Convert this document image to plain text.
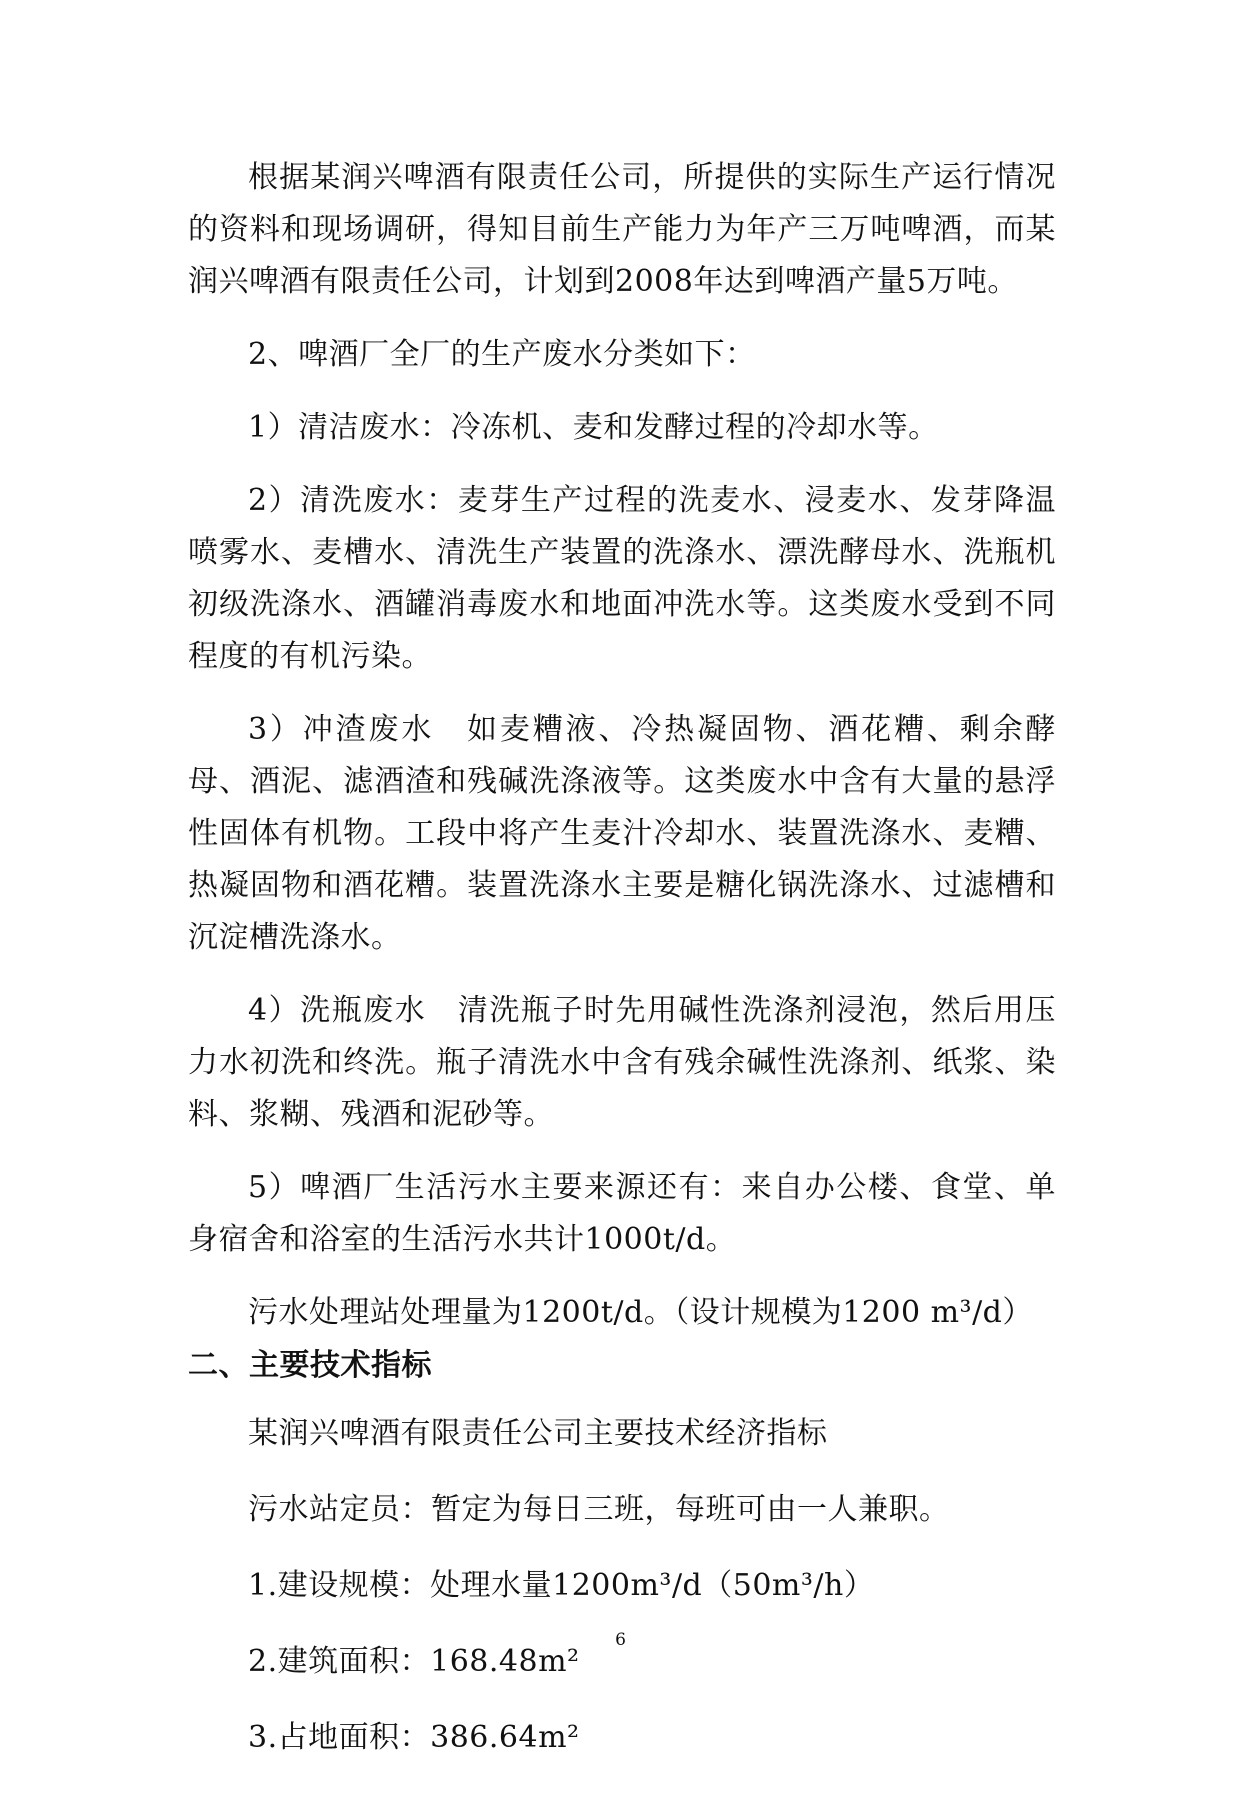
根据某润兴啤酒有限责任公司，所提供的实际生产运行情况的资料和现场调研，得知目前生产能力为年产三万吨啤酒，而某润兴啤酒有限责任公司，计划到2008年达到啤酒产量5万吨。

2、啤酒厂全厂的生产废水分类如下：

1）清洁废水：冷冻机、麦和发酵过程的冷却水等。

2）清洗废水：麦芽生产过程的洗麦水、浸麦水、发芽降温喷雾水、麦槽水、清洗生产装置的洗涤水、漂洗酵母水、洗瓶机初级洗涤水、酒罐消毒废水和地面冲洗水等。这类废水受到不同程度的有机污染。

3）冲渣废水　如麦糟液、冷热凝固物、酒花糟、剩余酵母、酒泥、滤酒渣和残碱洗涤液等。这类废水中含有大量的悬浮性固体有机物。工段中将产生麦汁冷却水、装置洗涤水、麦糟、热凝固物和酒花糟。装置洗涤水主要是糖化锅洗涤水、过滤槽和沉淀槽洗涤水。

4）洗瓶废水　清洗瓶子时先用碱性洗涤剂浸泡，然后用压力水初洗和终洗。瓶子清洗水中含有残余碱性洗涤剂、纸浆、染料、浆糊、残酒和泥砂等。

5）啤酒厂生活污水主要来源还有：来自办公楼、食堂、单身宿舍和浴室的生活污水共计1000t/d。

污水处理站处理量为1200t/d。（设计规模为1200 m³/d）

二、主要技术指标
某润兴啤酒有限责任公司主要技术经济指标
污水站定员：暂定为每日三班，每班可由一人兼职。
1.建设规模：处理水量1200m³/d（50m³/h）
2.建筑面积：168.48m²
3.占地面积：386.64m²
6
